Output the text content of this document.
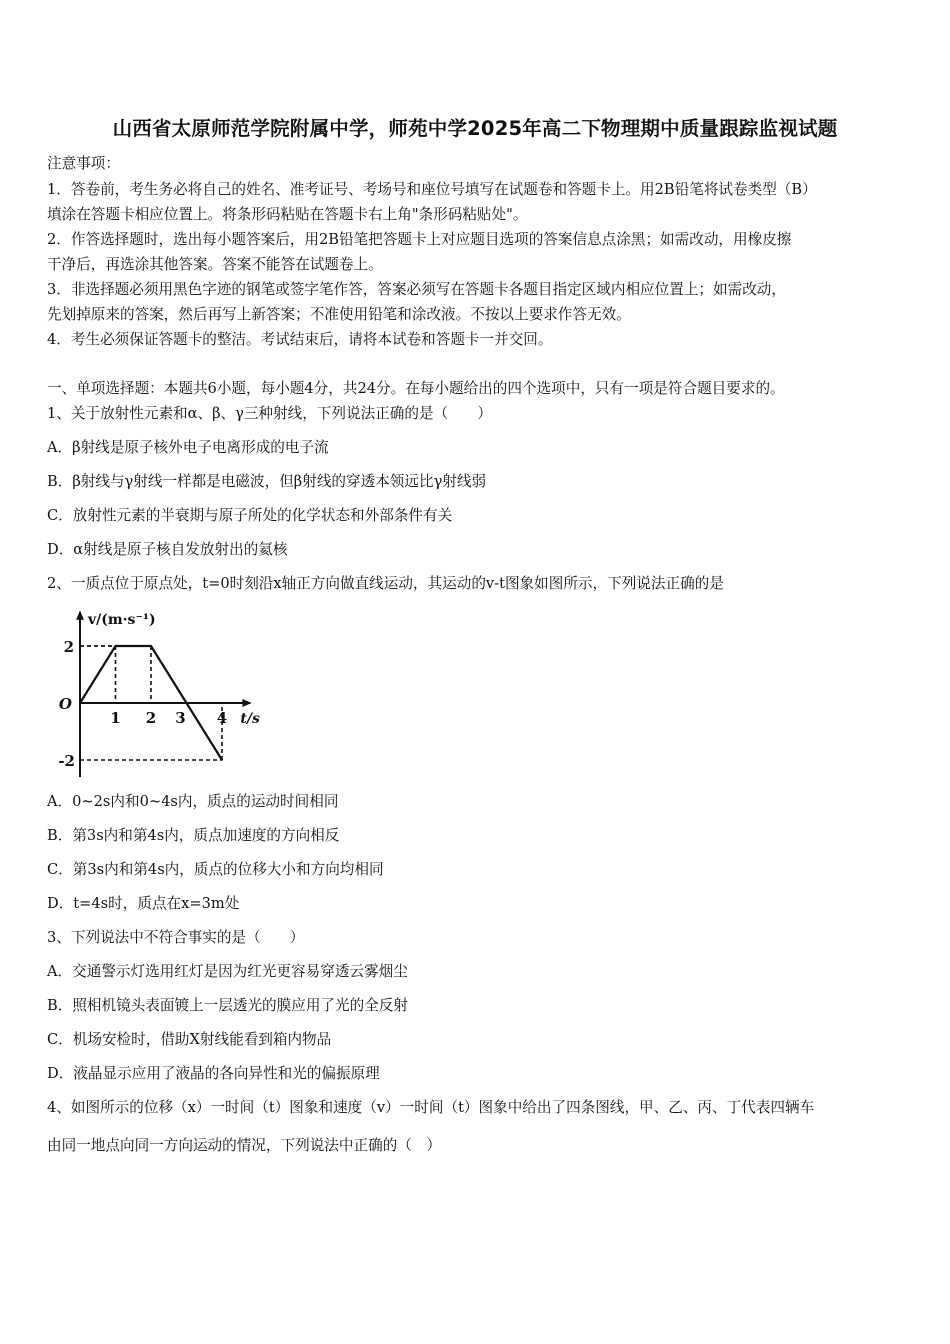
山西省太原师范学院附属中学，师苑中学2025年高二下物理期中质量跟踪监视试题
注意事项：
1．答卷前，考生务必将自己的姓名、准考证号、考场号和座位号填写在试题卷和答题卡上。用2B铅笔将试卷类型（B）
填涂在答题卡相应位置上。将条形码粘贴在答题卡右上角"条形码粘贴处"。
2．作答选择题时，选出每小题答案后，用2B铅笔把答题卡上对应题目选项的答案信息点涂黑；如需改动，用橡皮擦
干净后，再选涂其他答案。答案不能答在试题卷上。
3．非选择题必须用黑色字迹的钢笔或签字笔作答，答案必须写在答题卡各题目指定区域内相应位置上；如需改动，
先划掉原来的答案，然后再写上新答案；不准使用铅笔和涂改液。不按以上要求作答无效。
4．考生必须保证答题卡的整洁。考试结束后，请将本试卷和答题卡一并交回。
一、单项选择题：本题共6小题，每小题4分，共24分。在每小题给出的四个选项中，只有一项是符合题目要求的。
1、关于放射性元素和α、β、γ三种射线，下列说法正确的是（　　）
A．β射线是原子核外电子电离形成的电子流
B．β射线与γ射线一样都是电磁波，但β射线的穿透本领远比γ射线弱
C．放射性元素的半衰期与原子所处的化学状态和外部条件有关
D．α射线是原子核自发放射出的氦核
2、一质点位于原点处，t=0时刻沿x轴正方向做直线运动，其运动的v-t图象如图所示，下列说法正确的是
1 2 3 4
2
-2
O
t/s
v/(m·s⁻¹)
A．0~2s内和0~4s内，质点的运动时间相同
B．第3s内和第4s内，质点加速度的方向相反
C．第3s内和第4s内，质点的位移大小和方向均相同
D．t=4s时，质点在x=3m处
3、下列说法中不符合事实的是（　　）
A．交通警示灯选用红灯是因为红光更容易穿透云雾烟尘
B．照相机镜头表面镀上一层透光的膜应用了光的全反射
C．机场安检时，借助X射线能看到箱内物品
D．液晶显示应用了液晶的各向异性和光的偏振原理
4、如图所示的位移（x）一时间（t）图象和速度（v）一时间（t）图象中给出了四条图线，甲、乙、丙、丁代表四辆车
由同一地点向同一方向运动的情况，下列说法中正确的（　）
